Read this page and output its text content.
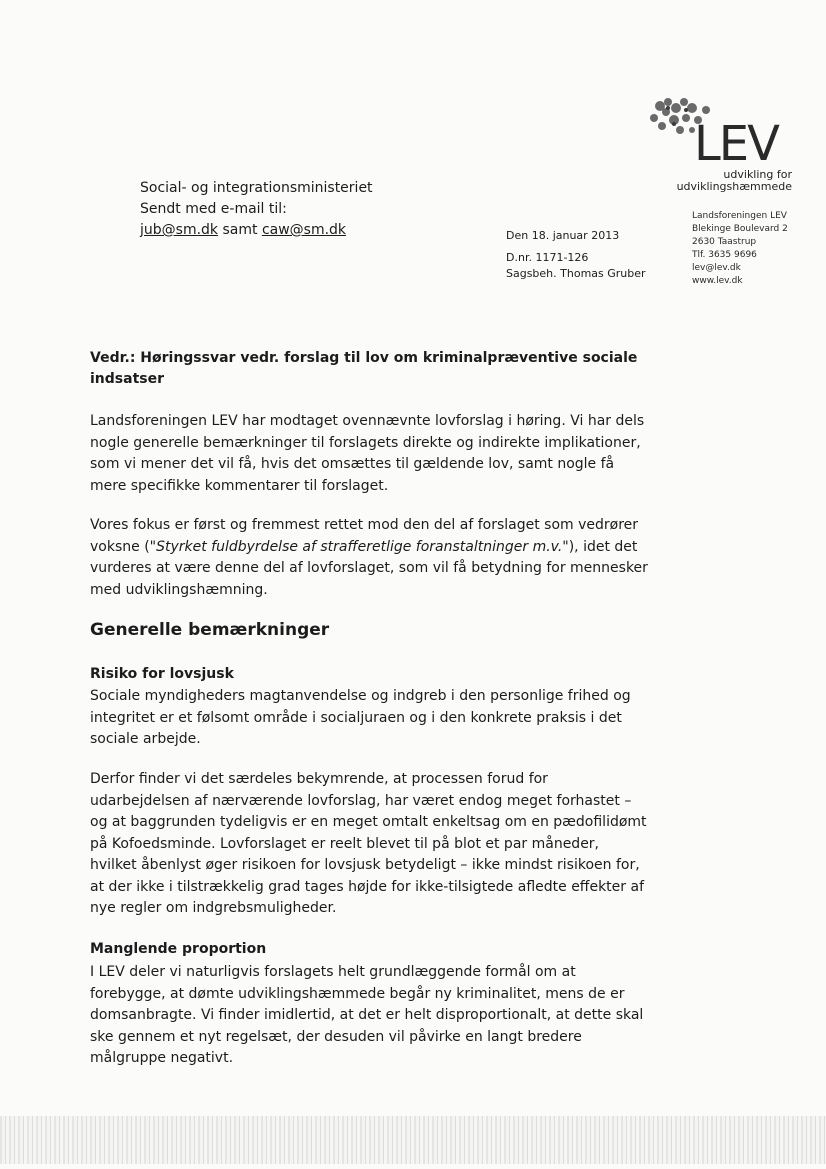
LEV
udvikling for
udviklingshæmmede
Social- og integrationsministeriet
Sendt med e-mail til:
jub@sm.dk samt caw@sm.dk	Den 18. januar 2013
D.nr. 1171-126
Sagsbeh. Thomas Gruber
Landsforeningen LEV
Blekinge Boulevard 2
2630 Taastrup
Tlf. 3635 9696
lev@lev.dk
www.lev.dk
Vedr.: Høringssvar vedr. forslag til lov om kriminalpræventive sociale indsatser
Landsforeningen LEV har modtaget ovennævnte lovforslag i høring. Vi har dels nogle generelle bemærkninger til forslagets direkte og indirekte implikationer, som vi mener det vil få, hvis det omsættes til gældende lov, samt nogle få mere specifikke kommentarer til forslaget.
Vores fokus er først og fremmest rettet mod den del af forslaget som vedrører voksne ("Styrket fuldbyrdelse af strafferetlige foranstaltninger m.v."), idet det vurderes at være denne del af lovforslaget, som vil få betydning for mennesker med udviklingshæmning.
Generelle bemærkninger
Risiko for lovsjusk
Sociale myndigheders magtanvendelse og indgreb i den personlige frihed og integritet er et følsomt område i socialjuraen og i den konkrete praksis i det sociale arbejde.
Derfor finder vi det særdeles bekymrende, at processen forud for udarbejdelsen af nærværende lovforslag, har været endog meget forhastet – og at baggrunden tydeligvis er en meget omtalt enkeltsag om en pædofilidømt på Kofoedsminde. Lovforslaget er reelt blevet til på blot et par måneder, hvilket åbenlyst øger risikoen for lovsjusk betydeligt – ikke mindst risikoen for, at der ikke i tilstrækkelig grad tages højde for ikke-tilsigtede afledte effekter af nye regler om indgrebsmuligheder.
Manglende proportion
I LEV deler vi naturligvis forslagets helt grundlæggende formål om at forebygge, at dømte udviklingshæmmede begår ny kriminalitet, mens de er domsanbragte. Vi finder imidlertid, at det er helt disproportionalt, at dette skal ske gennem et nyt regelsæt, der desuden vil påvirke en langt bredere målgruppe negativt.
